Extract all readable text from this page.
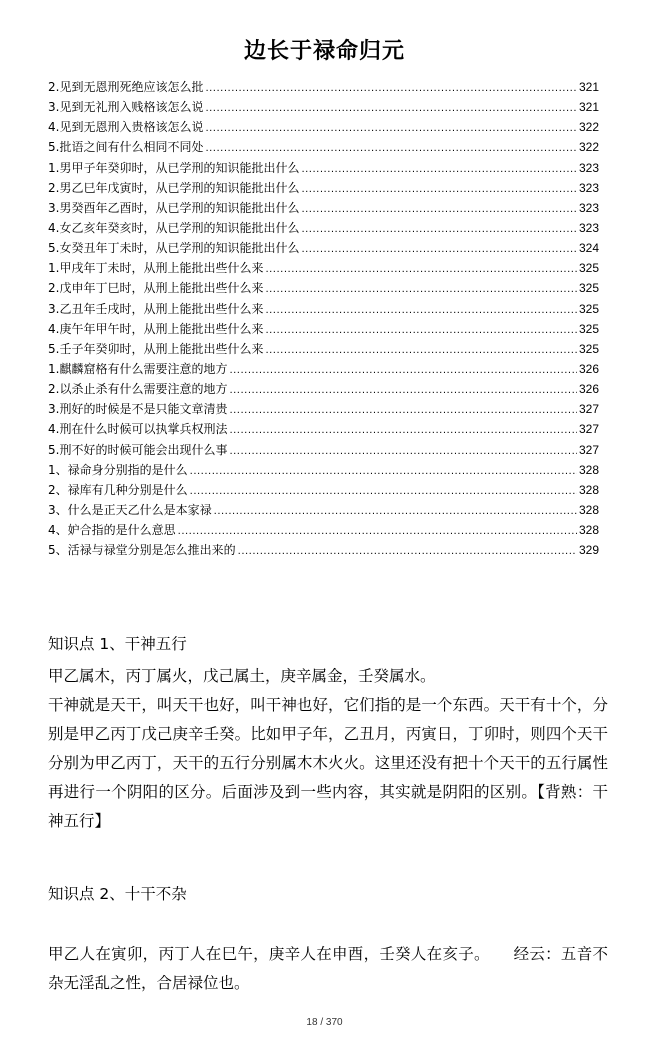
边长于禄命归元
2.见到无恩刑死绝应该怎么批 .....	321
3.见到无礼刑入贱格该怎么说 .....	321
4.见到无恩刑入贵格该怎么说 .....	322
5.批语之间有什么相同不同处 .....	322
1.男甲子年癸卯时，从已学刑的知识能批出什么 .....	323
2.男乙巳年戊寅时，从已学刑的知识能批出什么 .....	323
3.男癸酉年乙酉时，从已学刑的知识能批出什么 .....	323
4.女乙亥年癸亥时，从已学刑的知识能批出什么 .....	323
5.女癸丑年丁未时，从已学刑的知识能批出什么 .....	324
1.甲戌年丁未时，从刑上能批出些什么来 .....	325
2.戊申年丁巳时，从刑上能批出些什么来 .....	325
3.乙丑年壬戌时，从刑上能批出些什么来 .....	325
4.庚午年甲午时，从刑上能批出些什么来 .....	325
5.壬子年癸卯时，从刑上能批出些什么来 .....	325
1.麒麟窟格有什么需要注意的地方 .....	326
2.以杀止杀有什么需要注意的地方 .....	326
3.刑好的时候是不是只能文章清贵 .....	327
4.刑在什么时候可以执掌兵权刑法 .....	327
5.刑不好的时候可能会出现什么事 .....	327
1、禄命身分别指的是什么 .....	328
2、禄库有几种分别是什么 .....	328
3、什么是正天乙什么是本家禄 .....	328
4、妒合指的是什么意思 .....	328
5、活禄与禄堂分别是怎么推出来的 .....	329
知识点 1、干神五行

甲乙属木，丙丁属火，戊己属土，庚辛属金，壬癸属水。

干神就是天干，叫天干也好，叫干神也好，它们指的是一个东西。天干有十个，分别是甲乙丙丁戊己庚辛壬癸。比如甲子年，乙丑月，丙寅日，丁卯时，则四个天干分别为甲乙丙丁，天干的五行分别属木木火火。这里还没有把十个天干的五行属性再进行一个阴阳的区分。后面涉及到一些内容，其实就是阴阳的区别。【背熟：干神五行】

知识点 2、十干不杂

甲乙人在寅卯，丙丁人在巳午，庚辛人在申酉，壬癸人在亥子。　　经云：五音不杂无淫乱之性，合居禄位也。

18 / 370
